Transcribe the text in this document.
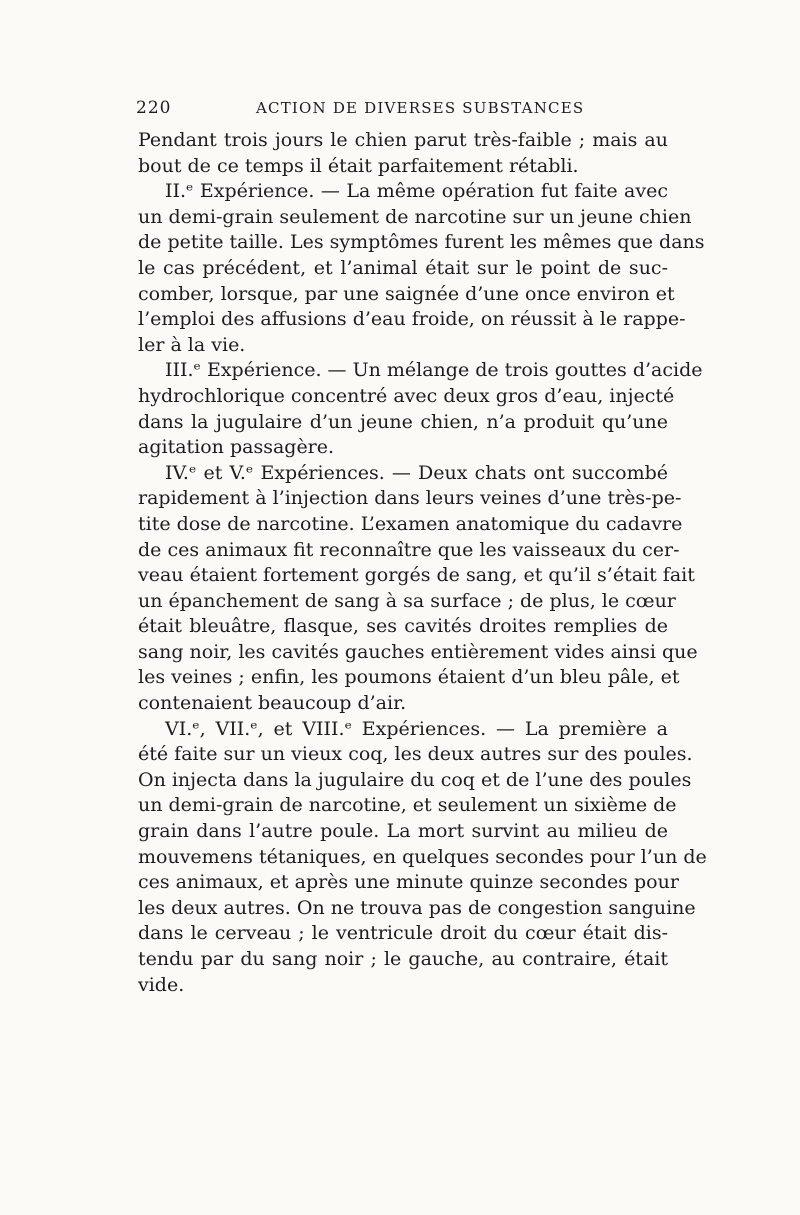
220	ACTION DE DIVERSES SUBSTANCES
Pendant trois jours le chien parut très-faible ; mais au
bout de ce temps il était parfaitement rétabli.
II.ᵉ Expérience. — La même opération fut faite avec
un demi-grain seulement de narcotine sur un jeune chien
de petite taille. Les symptômes furent les mêmes que dans
le cas précédent, et l’animal était sur le point de suc-
comber, lorsque, par une saignée d’une once environ et
l’emploi des affusions d’eau froide, on réussit à le rappe-
ler à la vie.
III.ᵉ Expérience. — Un mélange de trois gouttes d’acide
hydrochlorique concentré avec deux gros d’eau, injecté
dans la jugulaire d’un jeune chien, n’a produit qu’une
agitation passagère.
IV.ᵉ et V.ᵉ Expériences. — Deux chats ont succombé
rapidement à l’injection dans leurs veines d’une très-pe-
tite dose de narcotine. L’examen anatomique du cadavre
de ces animaux fit reconnaître que les vaisseaux du cer-
veau étaient fortement gorgés de sang, et qu’il s’était fait
un épanchement de sang à sa surface ; de plus, le cœur
était bleuâtre, flasque, ses cavités droites remplies de
sang noir, les cavités gauches entièrement vides ainsi que
les veines ; enfin, les poumons étaient d’un bleu pâle, et
contenaient beaucoup d’air.
VI.ᵉ, VII.ᵉ, et VIII.ᵉ Expériences. — La première a
été faite sur un vieux coq, les deux autres sur des poules.
On injecta dans la jugulaire du coq et de l’une des poules
un demi-grain de narcotine, et seulement un sixième de
grain dans l’autre poule. La mort survint au milieu de
mouvemens tétaniques, en quelques secondes pour l’un de
ces animaux, et après une minute quinze secondes pour
les deux autres. On ne trouva pas de congestion sanguine
dans le cerveau ; le ventricule droit du cœur était dis-
tendu par du sang noir ; le gauche, au contraire, était
vide.
